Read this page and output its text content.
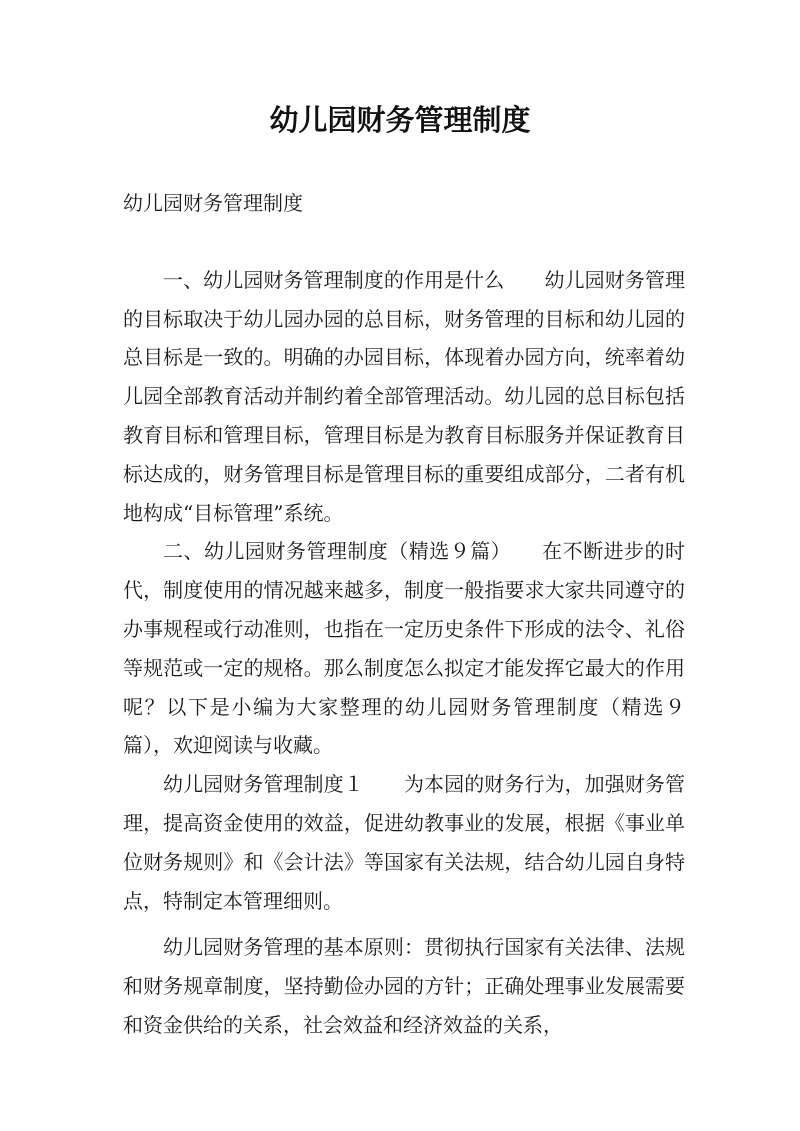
幼儿园财务管理制度

幼儿园财务管理制度

一、幼儿园财务管理制度的作用是什么　　幼儿园财务管理的目标取决于幼儿园办园的总目标，财务管理的目标和幼儿园的总目标是一致的。明确的办园目标，体现着办园方向，统率着幼儿园全部教育活动并制约着全部管理活动。幼儿园的总目标包括教育目标和管理目标，管理目标是为教育目标服务并保证教育目标达成的，财务管理目标是管理目标的重要组成部分，二者有机地构成“目标管理”系统。

二、幼儿园财务管理制度（精选９篇）　　在不断进步的时代，制度使用的情况越来越多，制度一般指要求大家共同遵守的办事规程或行动准则，也指在一定历史条件下形成的法令、礼俗等规范或一定的规格。那么制度怎么拟定才能发挥它最大的作用呢？以下是小编为大家整理的幼儿园财务管理制度（精选９篇），欢迎阅读与收藏。

幼儿园财务管理制度１　　为本园的财务行为，加强财务管理，提高资金使用的效益，促进幼教事业的发展，根据《事业单位财务规则》和《会计法》等国家有关法规，结合幼儿园自身特点，特制定本管理细则。

幼儿园财务管理的基本原则：贯彻执行国家有关法律、法规和财务规章制度，坚持勤俭办园的方针；正确处理事业发展需要和资金供给的关系，社会效益和经济效益的关系，
